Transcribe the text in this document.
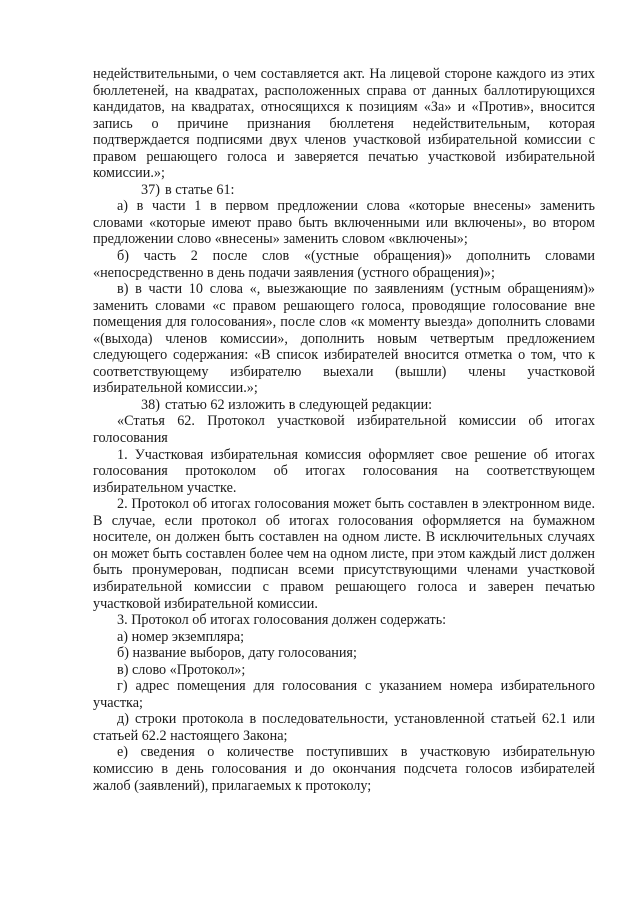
недействительными, о чем составляется акт. На лицевой стороне каждого из этих бюллетеней, на квадратах, расположенных справа от данных баллотирующихся кандидатов, на квадратах, относящихся к позициям «За» и «Против», вносится запись о причине признания бюллетеня недействительным, которая подтверждается подписями двух членов участковой избирательной комиссии с правом решающего голоса и заверяется печатью участковой избирательной комиссии.»;

37) в статье 61:

а) в части 1 в первом предложении слова «которые внесены» заменить словами «которые имеют право быть включенными или включены», во втором предложении слово «внесены» заменить словом «включены»;

б) часть 2 после слов «(устные обращения)» дополнить словами «непосредственно в день подачи заявления (устного обращения)»;

в) в части 10 слова «, выезжающие по заявлениям (устным обращениям)» заменить словами «с правом решающего голоса, проводящие голосование вне помещения для голосования», после слов «к моменту выезда» дополнить словами «(выхода) членов комиссии», дополнить новым четвертым предложением следующего содержания: «В список избирателей вносится отметка о том, что к соответствующему избирателю выехали (вышли) члены участковой избирательной комиссии.»;

38) статью 62 изложить в следующей редакции:

«Статья 62. Протокол участковой избирательной комиссии об итогах голосования

1. Участковая избирательная комиссия оформляет свое решение об итогах голосования протоколом об итогах голосования на соответствующем избирательном участке.

2. Протокол об итогах голосования может быть составлен в электронном виде. В случае, если протокол об итогах голосования оформляется на бумажном носителе, он должен быть составлен на одном листе. В исключительных случаях он может быть составлен более чем на одном листе, при этом каждый лист должен быть пронумерован, подписан всеми присутствующими членами участковой избирательной комиссии с правом решающего голоса и заверен печатью участковой избирательной комиссии.

3. Протокол об итогах голосования должен содержать:

а) номер экземпляра;

б) название выборов, дату голосования;

в) слово «Протокол»;

г) адрес помещения для голосования с указанием номера избирательного участка;

д) строки протокола в последовательности, установленной статьей 62.1 или статьей 62.2 настоящего Закона;

е) сведения о количестве поступивших в участковую избирательную комиссию в день голосования и до окончания подсчета голосов избирателей жалоб (заявлений), прилагаемых к протоколу;
